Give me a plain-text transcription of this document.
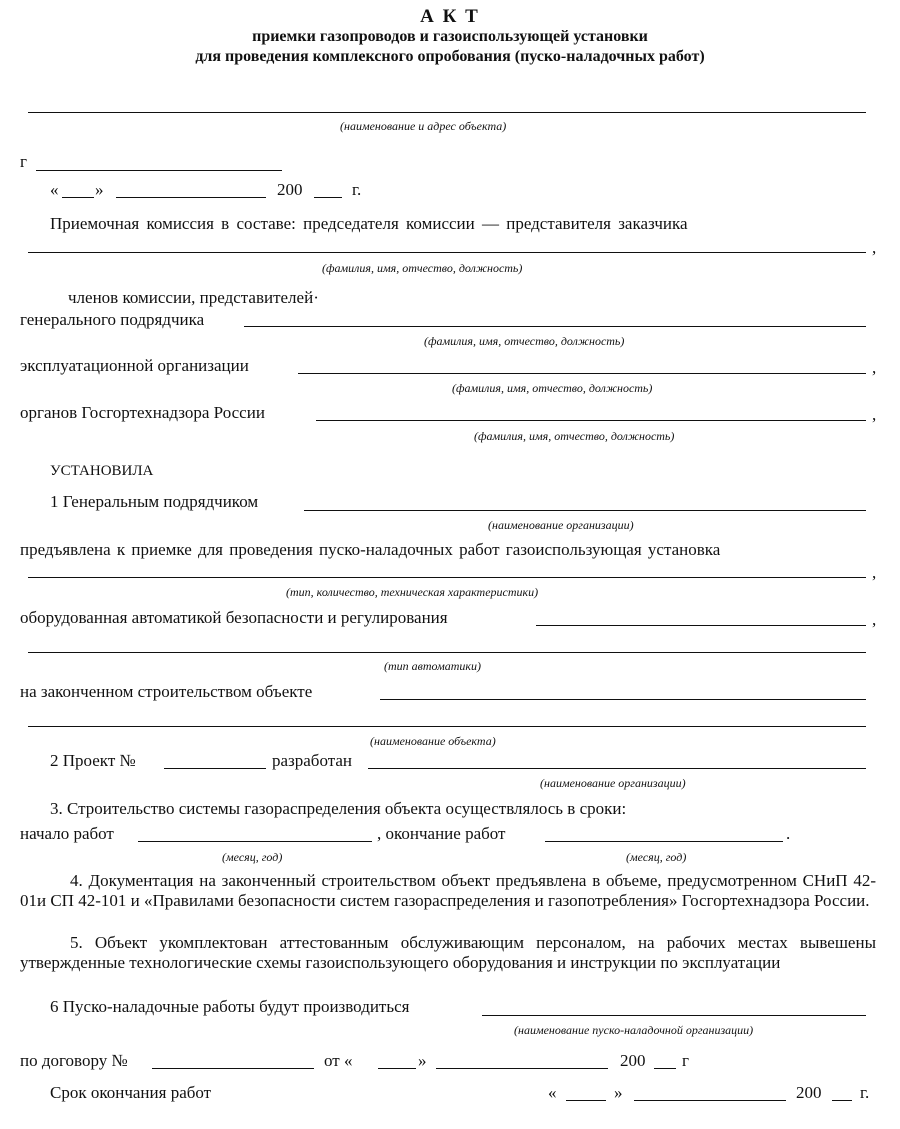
А К Т
приемки газопроводов и газоиспользующей установки
для проведения комплексного опробования (пуско-наладочных работ)
(наименование и адрес объекта)
г
« »	200	г.
Приемочная комиссия в составе: председателя комиссии — представителя заказчика
,
(фамилия, имя, отчество, должность)
членов комиссии, представителей·
генерального подрядчика
(фамилия, имя, отчество, должность)
эксплуатационной организации	,
(фамилия, имя, отчество, должность)
органов Госгортехнадзора России	,
(фамилия, имя, отчество, должность)
УСТАНОВИЛА
1 Генеральным подрядчиком
(наименование организации)
предъявлена к приемке для проведения пуско-наладочных работ газоиспользующая установка
,
(тип, количество, техническая характеристики)
оборудованная автоматикой безопасности и регулирования	,
(тип автоматики)
на законченном строительством объекте
(наименование объекта)
2 Проект №	разработан
(наименование организации)
3. Строительство системы газораспределения объекта осуществлялось в сроки:
начало работ	, окончание работ	.
(месяц, год)	(месяц, год)
4. Документация на законченный строительством объект предъявлена в объеме, предусмотренном СНиП 42-01и СП 42-101 и «Правилами безопасности систем газораспределения и газопотребления» Госгортехнадзора России.
5. Объект укомплектован аттестованным обслуживающим персоналом, на рабочих местах вывешены утвержденные технологические схемы газоиспользующего оборудования и инструкции по эксплуатации
6 Пуско-наладочные работы будут производиться
(наименование пуско-наладочной организации)
по договору №	от «	»	200 г
Срок окончания работ	«	»	200 г.
